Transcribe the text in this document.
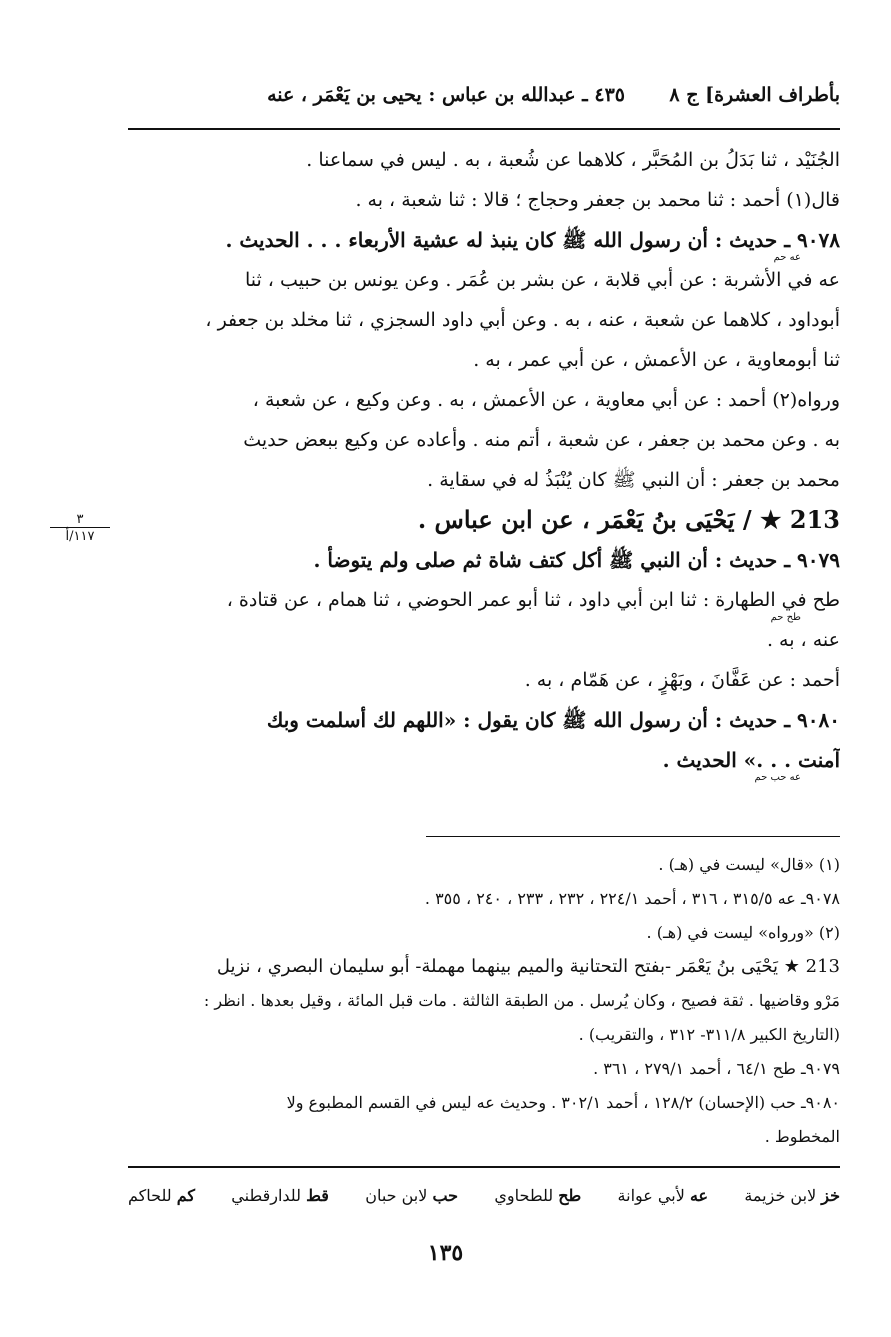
بأطراف العشرة] ج ٨
٤٣٥ ـ عبدالله بن عباس : يحيى بن يَعْمَر ، عنه
الجُنَيْد ، ثنا بَدَلُ بن المُحَبَّر ، كلاهما عن شُعبة ، به . ليس في سماعنا .
قال(١) أحمد : ثنا محمد بن جعفر وحجاج ؛ قالا : ثنا شعبة ، به .
٩٠٧٨ ـ حديث : أن رسول الله ﷺ كان ينبذ له عشية الأربعاء . . . الحديث .
عه في الأشربة : عن أبي قلابة ، عن بشر بن عُمَر . وعن يونس بن حبيب ، ثنا
أبوداود ، كلاهما عن شعبة ، عنه ، به . وعن أبي داود السجزي ، ثنا مخلد بن جعفر ،
ثنا أبومعاوية ، عن الأعمش ، عن أبي عمر ، به .
ورواه(٢) أحمد : عن أبي معاوية ، عن الأعمش ، به . وعن وكيع ، عن شعبة ،
به . وعن محمد بن جعفر ، عن شعبة ، أتم منه . وأعاده عن وكيع ببعض حديث
محمد بن جعفر : أن النبي ﷺ كان يُنْبَذُ له في سقاية .
213 ★ / يَحْيَى بنُ يَعْمَر ، عن ابن عباس .
٩٠٧٩ ـ حديث : أن النبي ﷺ أكل كتف شاة ثم صلى ولم يتوضأ .
طح في الطهارة : ثنا ابن أبي داود ، ثنا أبو عمر الحوضي ، ثنا همام ، عن قتادة ،
عنه ، به .
أحمد : عن عَفَّانَ ، وبَهْزٍ ، عن هَمّام ، به .
٩٠٨٠ ـ حديث : أن رسول الله ﷺ كان يقول : «اللهم لك أسلمت وبك
آمنت . . .» الحديث .
عه حم
طح حم
عه حب حم
٣
١١٧/أ
(١) «قال» ليست في (هـ) .
٩٠٧٨ـ عه ٣١٥/٥ ، ٣١٦ ، أحمد ٢٢٤/١ ، ٢٣٢ ، ٢٣٣ ، ٢٤٠ ، ٣٥٥ .
(٢) «ورواه» ليست في (هـ) .
213 ★ يَحْيَى بنُ يَعْمَر -بفتح التحتانية والميم بينهما مهملة- أبو سليمان البصري ، نزيل
مَرْو وقاضيها . ثقة فصيح ، وكان يُرسل . من الطبقة الثالثة . مات قبل المائة ، وقيل بعدها . انظر :
(التاريخ الكبير ٣١١/٨- ٣١٢ ، والتقريب) .
٩٠٧٩ـ طح ٦٤/١ ، أحمد ٢٧٩/١ ، ٣٦١ .
٩٠٨٠ـ حب (الإحسان) ١٢٨/٢ ، أحمد ٣٠٢/١ . وحديث عه ليس في القسم المطبوع ولا
المخطوط .
خز لابن خزيمة
عه لأبي عوانة
طح للطحاوي
حب لابن حبان
قط للدارقطني
كم للحاكم
١٣٥
